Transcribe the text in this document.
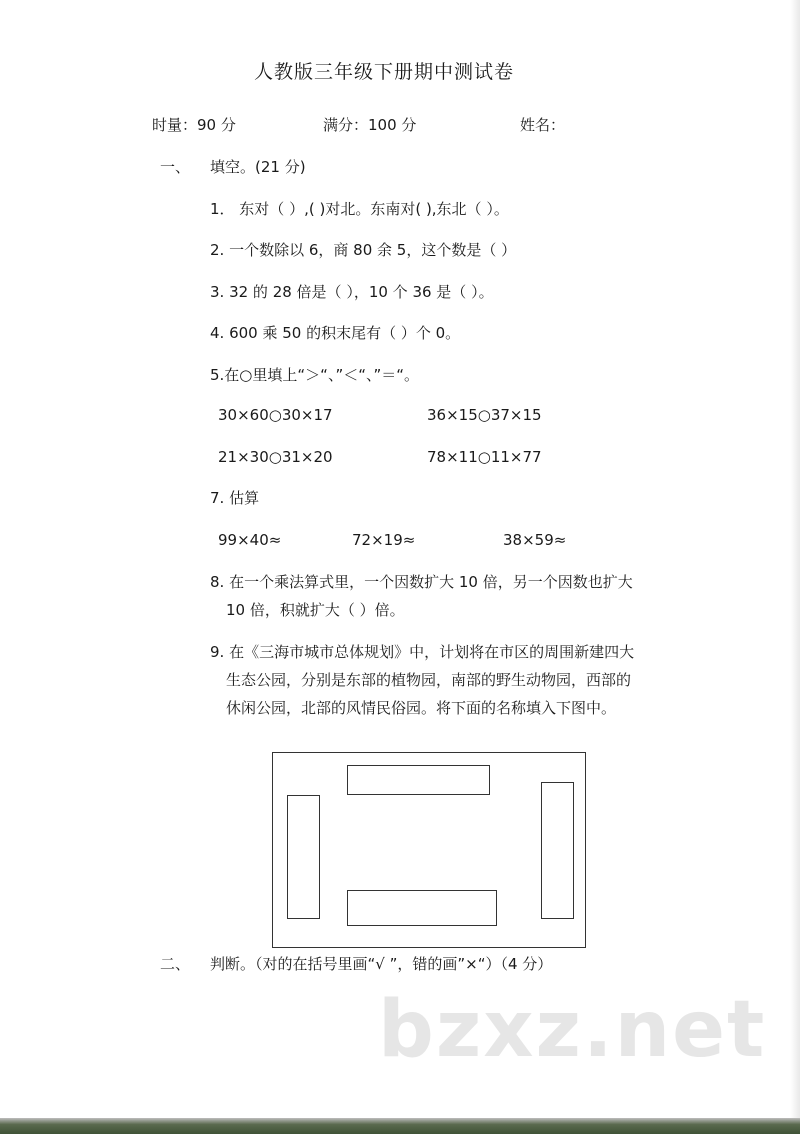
人教版三年级下册期中测试卷
时量：90 分	满分：100 分	姓名：
一、 填空。(21 分)
1． 东对（ ）,( )对北。东南对( ),东北（ ）。
2. 一个数除以 6，商 80 余 5，这个数是（ ）
3. 32 的 28 倍是（ ），10 个 36 是（ ）。
4. 600 乘 50 的积末尾有（ ）个 0。
5.在○里填上“＞“、”＜“、”＝“。
30×60○30×17	36×15○37×15
21×30○31×20	78×11○11×77
7. 估算
99×40≈	72×19≈	38×59≈
8. 在一个乘法算式里，一个因数扩大 10 倍，另一个因数也扩大
10 倍，积就扩大（ ）倍。
9. 在《三海市城市总体规划》中，计划将在市区的周围新建四大
生态公园，分别是东部的植物园，南部的野生动物园，西部的
休闲公园，北部的风情民俗园。将下面的名称填入下图中。
二、 判断。（对的在括号里画“√ ”，错的画”×“）（4 分）
bzxz.net
